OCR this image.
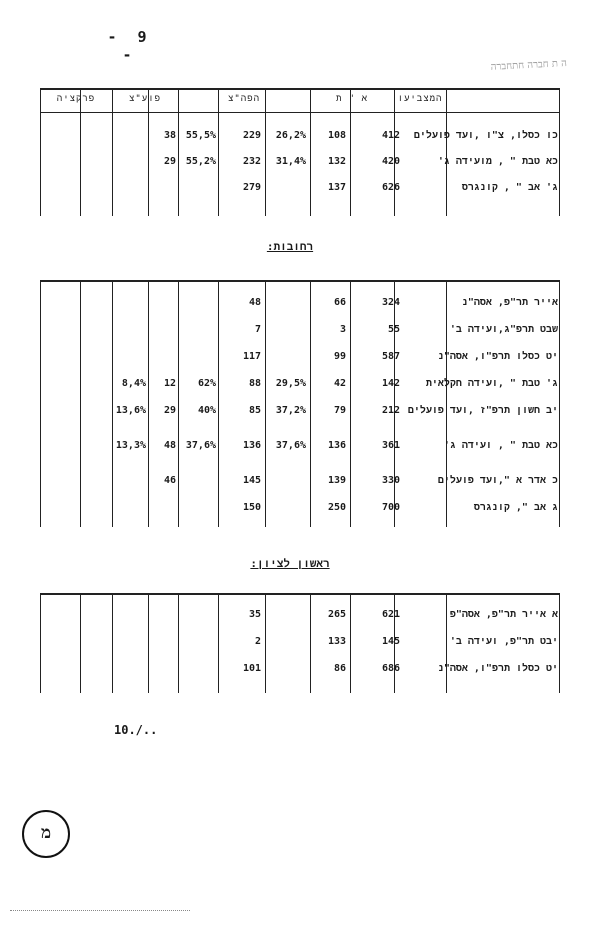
- 9 -
ה ת חברה חתחברה
המצביעו
א " ת
הפה"צ
פוע"צ
פרקציה
כו כסלו, צ"ו ,ועד פועלים
412
108
26,2%
229
55,5%
38
כא טבת " , מועידה ג'
420
132
31,4%
232
55,2%
29
ג' אב " , קונגרס
626
137
279
רחובות:
אייר תר"פ, אסה"נ
324
66
48
שבט תרפ"ג,ועידה ב'
55
3
7
יט כסלו תרפ"ו, אסה"נ
587
99
117
ג' טבת " ,ועידה חקלאית
142
42
29,5%
88
62%
12
8,4%
יב חשון תרפ"ז ,ועד פועלים
212
79
37,2%
85
40%
29
13,6%
כא טבת " , ועידה ג'
361
136
37,6%
136
37,6%
48
13,3%
כ אדר א ",ועד פועלים
330
139
145
46
ג אב ", קונגרס
700
250
150
ראשון לציון:
א אייר תר"פ, אסה"פ
621
265
35
יבט תר"פ, ועידה ב'
145
133
2
יט כסלו תרפ"ו, אסה"נ
686
86
101
10./..
מ
